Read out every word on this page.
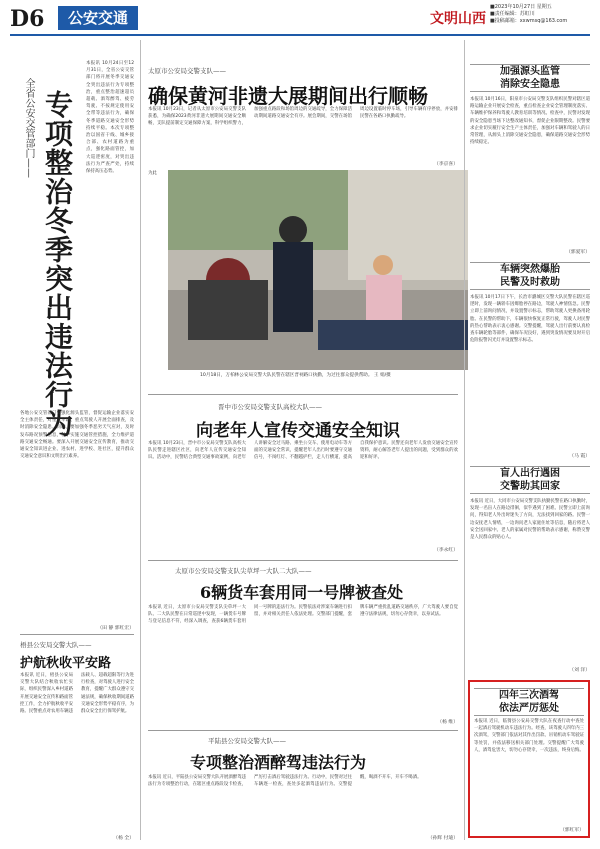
D6	公安交通	文明山西
■2023年10月27日 星期五
■责任编辑：苏虹川
■投稿邮箱：xxwmsq@163.com
全省公安交管部门—— 专项整治冬季突出违法行为
本报讯 10月24日至12月31日，全省公安交管部门将开展冬季交通安全突出违法行为专项整治，重点整治超速超员超载、酒驾醉驾、疲劳驾驶、不按规定使用安全带等违法行为，确保冬季道路交通安全形势持续平稳。本次专项整治以国省干线、城乡接合部、农村道路为重点，强化路面管控，加大巡逻密度，对突出违法行为严查严处，持续保持高压态势。
各地公安交管部门要强化源头监管，督促运输企业落实安全主体责任，对重点车辆、重点驾驶人开展全面排查，及时消除安全隐患。同时，要加强冬季恶劣天气应对，及时发布路况预警信息，科学实施交通管控措施，全力维护道路交通安全畅通。要深入开展交通安全宣传教育，推动交通安全知识进企业、进农村、进学校、进社区，提升群众交通安全意识和文明出行素养。
（田 静 郭红宏）
梧县公安局交警大队——
护航秋收平安路
本报讯 近日，梧县公安局交警大队结合秋收农忙实际，组织民警深入乡村道路开展交通安全宣传和路面管控工作，全力护航秋收平安路。民警重点对农用车辆违法载人、超载超限等行为进行检查，对驾驶人进行安全教育，提醒广大群众遵守交通法规，确保秋收期间道路交通安全形势平稳有序，为群众安全出行保驾护航。
（杨 全）
太原市公安局交警支队——
确保黄河非遗大展期间出行顺畅
本报讯 10月23日，记者从太原市公安局交警支队获悉，为确保2023黄河非遗大展期间交通安全顺畅，支队提前制定交通保障方案，科学组织警力，加强重点路段和场馆周边的交通疏导，全力保障活动期间道路交通安全有序。展会期间，交警在场馆周边设置临时停车场，引导车辆有序停放，并安排民警在各路口执勤疏导。
为此
10月18日，万柏林公安局交警大队民警在辖区晋祠路口执勤，为过往群众提供帮助。 王 娟/摄
（李京喜）
晋中市公安局交警支队高校大队——
向老年人宣传交通安全知识
本报讯 10月23日，晋中市公安局交警支队高校大队民警走进辖区社区，向老年人宣传交通安全知识。活动中，民警结合典型交通事故案例，向老年人讲解安全过马路、乘坐公交车、使用电动车等方面的交通安全常识，提醒老年人出行时要遵守交通信号，不闯红灯、不翻越护栏，走人行横道，提高自我保护意识。民警还向老年人发放交通安全宣传资料，耐心解答老年人提出的问题，受到群众的欢迎和好评。
（李永红）
太原市公安局交警支队尖草坪一大队二大队——
6辆货车套用同一号牌被查处
本报讯 近日，太原市公安局交警支队尖草坪一大队、二大队民警在日常巡逻中发现，一辆货车号牌与登记信息不符，经深入调查，查获6辆货车套用同一号牌的违法行为。民警依法对涉案车辆进行扣留，并对相关责任人依法处理。交警部门提醒，套牌车辆严重扰乱道路交通秩序，广大驾驶人要自觉遵守法律法规，切勿心存侥幸，以身试法。
（杨 维）
平陆县公安局交警大队——
专项整治酒醉驾违法行为
本报讯 近日，平陆县公安局交警大队开展酒醉驾违法行为专项整治行动，在辖区重点路段设卡检查，严厉打击酒后驾驶违法行为。行动中，民警对过往车辆逐一检查，查处多起酒驾违法行为。交警提醒，喝酒不开车，开车不喝酒。
（孙辉 付迪）
加强源头监管
消除安全隐患
本报讯 10月16日，阳泉市公安局交警支队组织民警对辖区道路运输企业开展安全检查，重点检查企业安全管理制度落实、车辆维护保养和驾驶人教育培训等情况。检查中，民警对发现的安全隐患当场下达整改通知书，督促企业限期整改。民警要求企业切实履行安全生产主体责任，加强对车辆和驾驶人的日常管理，从源头上消除交通安全隐患，确保道路交通安全形势持续稳定。
（郭爱军）
车辆突然爆胎
民警及时救助
本报讯 10月17日下午，长治市潞城区交警大队民警在辖区巡逻时，发现一辆轿车因爆胎停在路边，驾驶人神情焦急。民警立即上前询问情况，并设置警示标志，帮助驾驶人更换备用轮胎。在民警的帮助下，车辆很快恢复正常行驶，驾驶人对民警的热心帮助表示衷心感谢。交警提醒，驾驶人出行前要认真检查车辆轮胎等部件，确保车况良好，遇到突发情况要及时开启危险报警闪光灯并设置警示标志。
（马 霞）
盲人出行遇困
交警助其回家
本报讯 近日，大同市公安局交警支队执勤民警在路口执勤时，发现一名盲人在路边徘徊，似乎遇到了困难。民警立即上前询问，得知老人外出时迷失了方向，无法找到回家的路。民警一边安抚老人情绪，一边询问老人家庭住址等信息，随后将老人安全送回家中。老人的家属对民警的帮助表示感谢，称赞交警是人民群众的贴心人。
（刘 洋）
四年三次酒驾
依法严厉惩处
本报讯 近日，临猗县公安局交警大队在夜查行动中查处一起酒后驾驶机动车违法行为。经查，该驾驶人四年内三次酒驾，交警部门依法对其作出罚款、吊销机动车驾驶证等处罚，并依法移送相关部门处理。交警提醒广大驾驶人，酒驾危害大，切勿心存侥幸，一次违法，终身后悔。
（郭红军）
